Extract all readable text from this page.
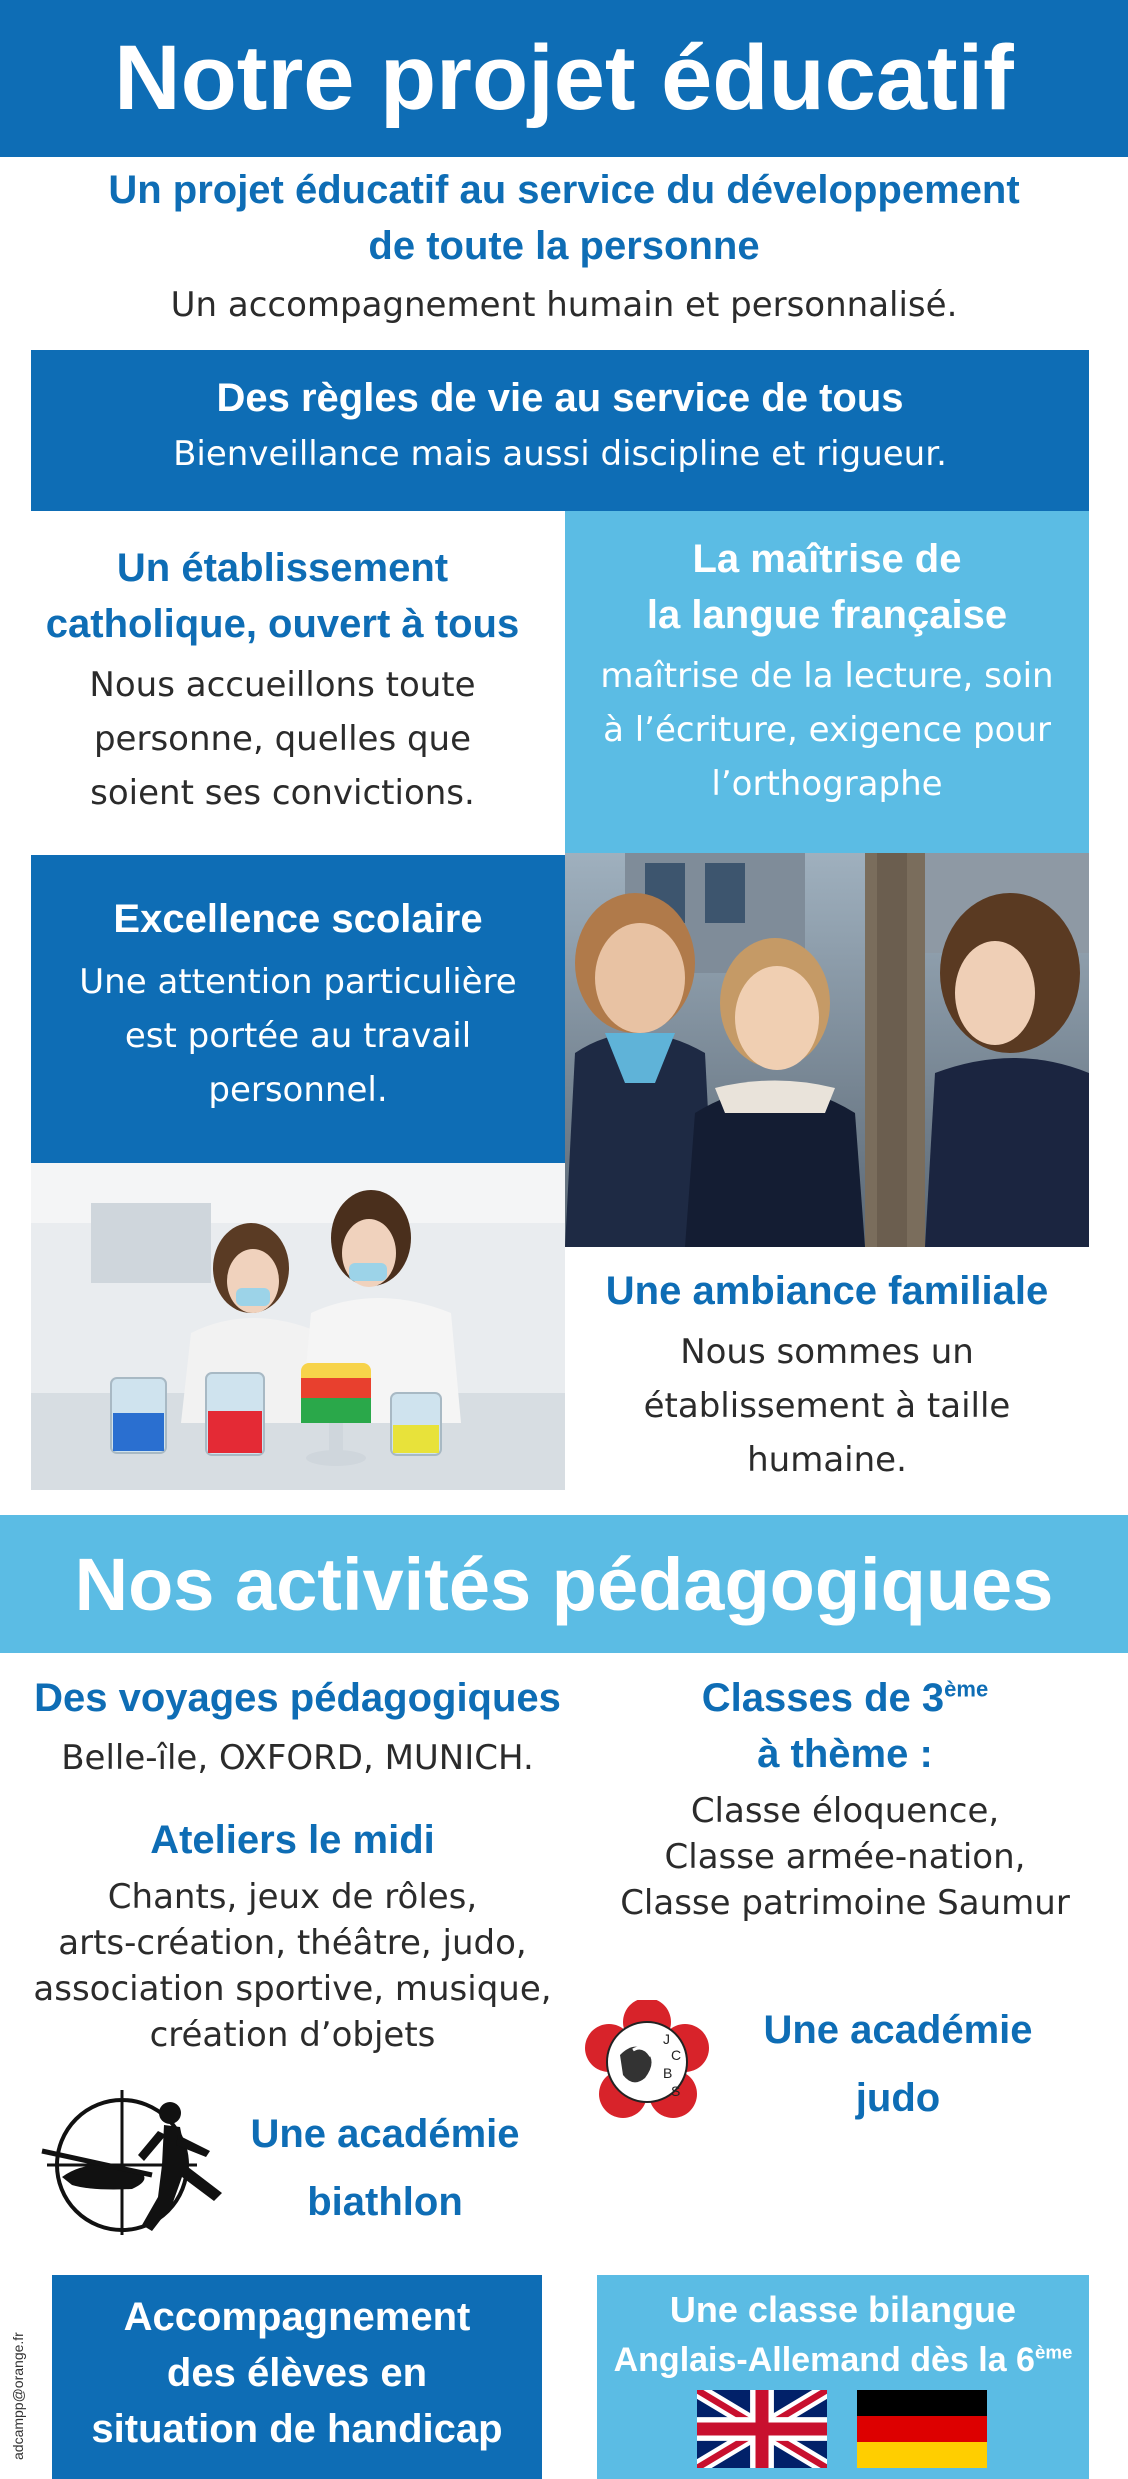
Notre projet éducatif
Un projet éducatif au service du développement
de toute la personne
Un accompagnement humain et personnalisé.
Des règles de vie au service de tous
Bienveillance mais aussi discipline et rigueur.
Un établissement
catholique, ouvert à tous
Nous accueillons toute
personne, quelles que
soient ses convictions.
La maîtrise de
la langue française
maîtrise de la lecture, soin
à l’écriture, exigence pour
l’orthographe
Excellence scolaire
Une attention particulière
est portée au travail
personnel.
Une ambiance familiale
Nous sommes un
établissement à taille
humaine.
Nos activités pédagogiques
Des voyages pédagogiques
Belle-île, OXFORD, MUNICH.
Ateliers le midi
Chants, jeux de rôles,
arts-création, théâtre, judo,
association sportive, musique,
création d’objets
Classes de 3ème
à thème :
Classe éloquence,
Classe armée-nation,
Classe patrimoine Saumur
J
C
B
S
Une académie
judo
Une académie
biathlon
adcampp@orange.fr
Accompagnement
des élèves en
situation de handicap
Une classe bilangue
Anglais-Allemand dès la 6ème
